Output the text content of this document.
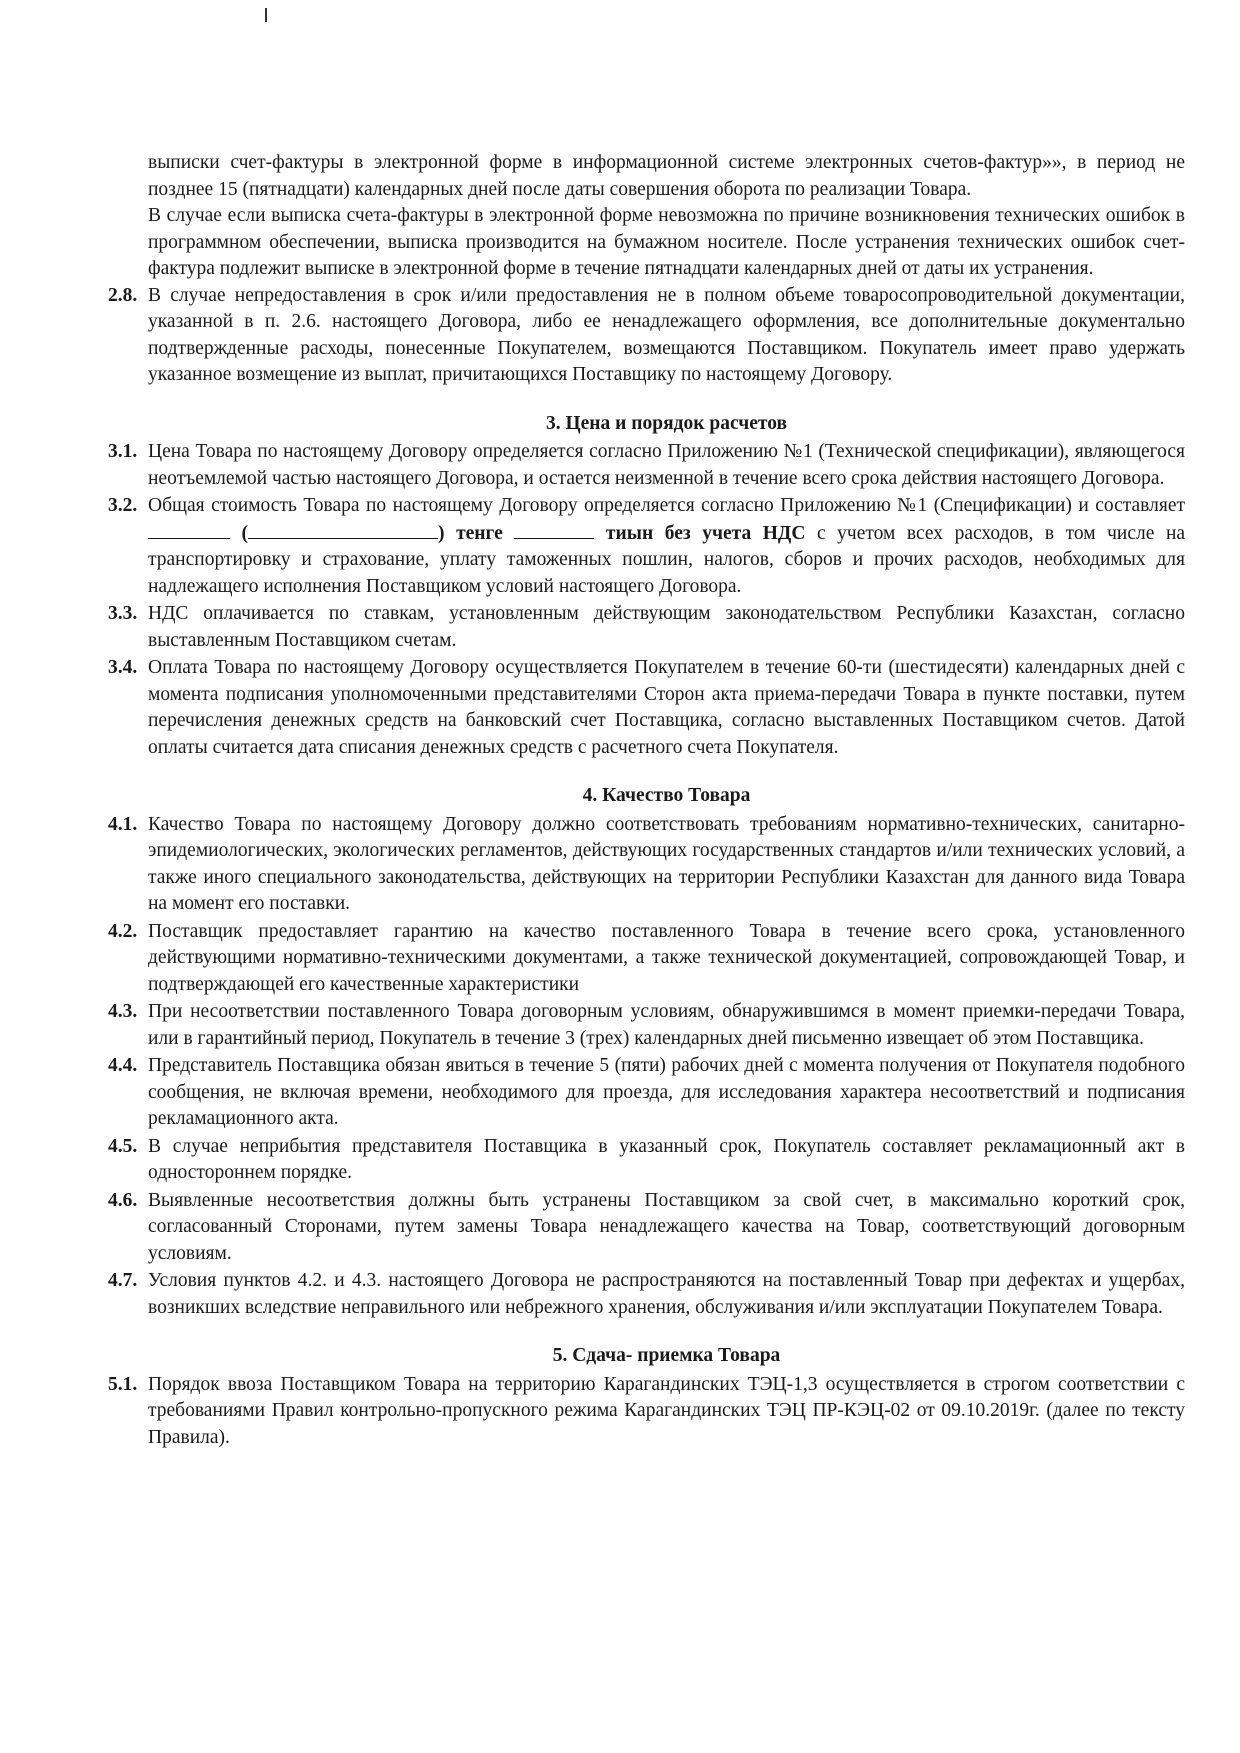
выписки счет-фактуры в электронной форме в информационной системе электронных счетов-фактур»», в период не позднее 15 (пятнадцати) календарных дней после даты совершения оборота по реализации Товара.

В случае если выписка счета-фактуры в электронной форме невозможна по причине возникновения технических ошибок в программном обеспечении, выписка производится на бумажном носителе. После устранения технических ошибок счет-фактура подлежит выписке в электронной форме в течение пятнадцати календарных дней от даты их устранения.

2.8. В случае непредоставления в срок и/или предоставления не в полном объеме товаросопроводительной документации, указанной в п. 2.6. настоящего Договора, либо ее ненадлежащего оформления, все дополнительные документально подтвержденные расходы, понесенные Покупателем, возмещаются Поставщиком. Покупатель имеет право удержать указанное возмещение из выплат, причитающихся Поставщику по настоящему Договору.
3. Цена и порядок расчетов
3.1. Цена Товара по настоящему Договору определяется согласно Приложению №1 (Технической спецификации), являющегося неотъемлемой частью настоящего Договора, и остается неизменной в течение всего срока действия настоящего Договора.
3.2. Общая стоимость Товара по настоящему Договору определяется согласно Приложению №1 (Спецификации) и составляет  (	) тенге	тиын без учета НДС с учетом всех расходов, в том числе на транспортировку и страхование, уплату таможенных пошлин, налогов, сборов и прочих расходов, необходимых для надлежащего исполнения Поставщиком условий настоящего Договора.
3.3. НДС оплачивается по ставкам, установленным действующим законодательством Республики Казахстан, согласно выставленным Поставщиком счетам.
3.4. Оплата Товара по настоящему Договору осуществляется Покупателем в течение 60-ти (шестидесяти) календарных дней с момента подписания уполномоченными представителями Сторон акта приема-передачи Товара в пункте поставки, путем перечисления денежных средств на банковский счет Поставщика, согласно выставленных Поставщиком счетов. Датой оплаты считается дата списания денежных средств с расчетного счета Покупателя.
4. Качество Товара
4.1. Качество Товара по настоящему Договору должно соответствовать требованиям нормативно-технических, санитарно-эпидемиологических, экологических регламентов, действующих государственных стандартов и/или технических условий, а также иного специального законодательства, действующих на территории Республики Казахстан для данного вида Товара на момент его поставки.
4.2. Поставщик предоставляет гарантию на качество поставленного Товара в течение всего срока, установленного действующими нормативно-техническими документами, а также технической документацией, сопровождающей Товар, и подтверждающей его качественные характеристики
4.3. При несоответствии поставленного Товара договорным условиям, обнаружившимся в момент приемки-передачи Товара, или в гарантийный период, Покупатель в течение 3 (трех) календарных дней письменно извещает об этом Поставщика.
4.4. Представитель Поставщика обязан явиться в течение 5 (пяти) рабочих дней с момента получения от Покупателя подобного сообщения, не включая времени, необходимого для проезда, для исследования характера несоответствий и подписания рекламационного акта.
4.5. В случае неприбытия представителя Поставщика в указанный срок, Покупатель составляет рекламационный акт в одностороннем порядке.
4.6. Выявленные несоответствия должны быть устранены Поставщиком за свой счет, в максимально короткий срок, согласованный Сторонами, путем замены Товара ненадлежащего качества на Товар, соответствующий договорным условиям.
4.7. Условия пунктов 4.2. и 4.3. настоящего Договора не распространяются на поставленный Товар при дефектах и ущербах, возникших вследствие неправильного или небрежного хранения, обслуживания и/или эксплуатации Покупателем Товара.
5. Сдача- приемка Товара
5.1. Порядок ввоза Поставщиком Товара на территорию Карагандинских ТЭЦ-1,3 осуществляется в строгом соответствии с требованиями Правил контрольно-пропускного режима Карагандинских ТЭЦ ПР-КЭЦ-02 от 09.10.2019г. (далее по тексту Правила).
